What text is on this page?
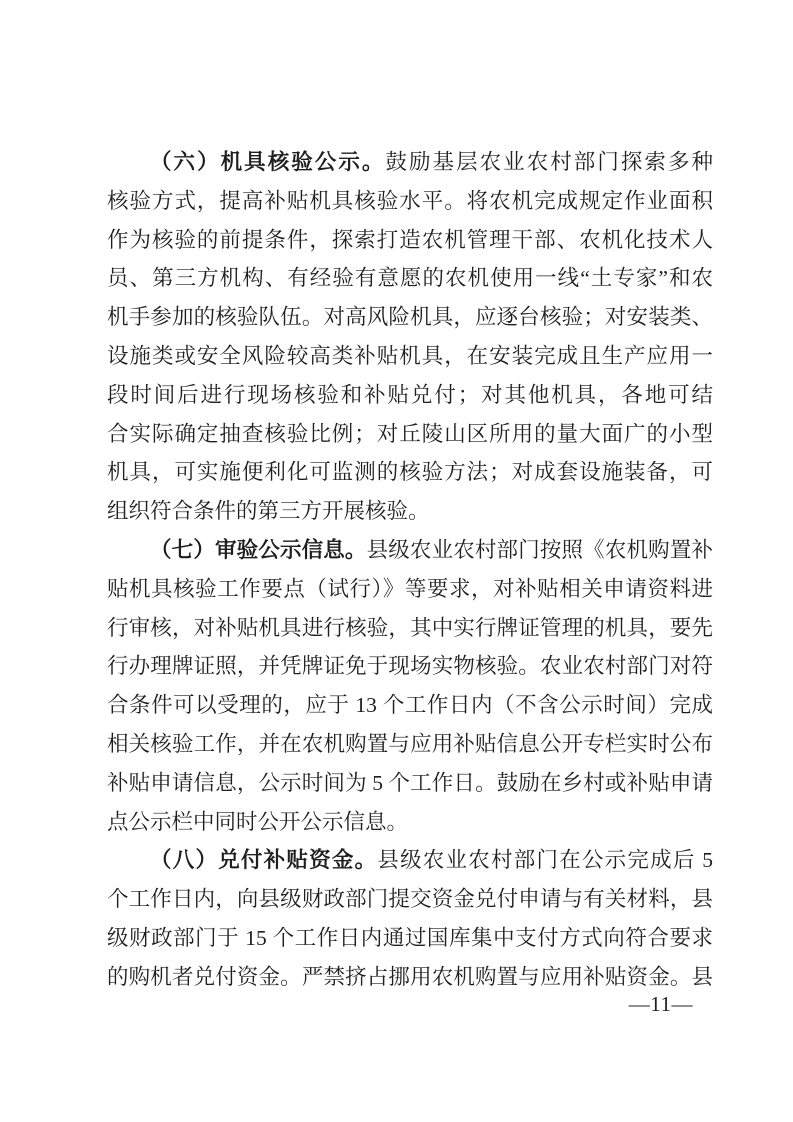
（六）机具核验公示。鼓励基层农业农村部门探索多种
核验方式，提高补贴机具核验水平。将农机完成规定作业面积
作为核验的前提条件，探索打造农机管理干部、农机化技术人
员、第三方机构、有经验有意愿的农机使用一线“土专家”和农
机手参加的核验队伍。对高风险机具，应逐台核验；对安装类、
设施类或安全风险较高类补贴机具，在安装完成且生产应用一
段时间后进行现场核验和补贴兑付；对其他机具，各地可结
合实际确定抽查核验比例；对丘陵山区所用的量大面广的小型
机具，可实施便利化可监测的核验方法；对成套设施装备，可
组织符合条件的第三方开展核验。
（七）审验公示信息。县级农业农村部门按照《农机购置补
贴机具核验工作要点（试行）》等要求，对补贴相关申请资料进
行审核，对补贴机具进行核验，其中实行牌证管理的机具，要先
行办理牌证照，并凭牌证免于现场实物核验。农业农村部门对符
合条件可以受理的，应于 13 个工作日内（不含公示时间）完成
相关核验工作，并在农机购置与应用补贴信息公开专栏实时公布
补贴申请信息，公示时间为 5 个工作日。鼓励在乡村或补贴申请
点公示栏中同时公开公示信息。
（八）兑付补贴资金。县级农业农村部门在公示完成后 5
个工作日内，向县级财政部门提交资金兑付申请与有关材料，县
级财政部门于 15 个工作日内通过国库集中支付方式向符合要求
的购机者兑付资金。严禁挤占挪用农机购置与应用补贴资金。县
—11—
